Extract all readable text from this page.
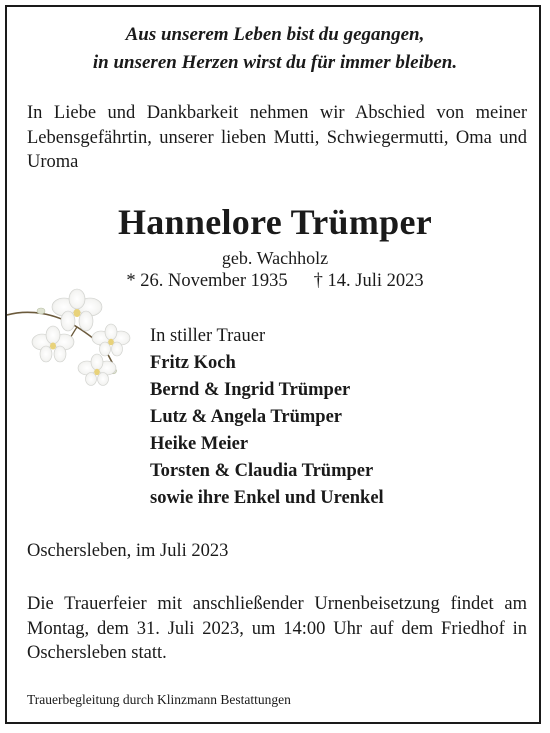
Aus unserem Leben bist du gegangen,
in unseren Herzen wirst du für immer bleiben.
In Liebe und Dankbarkeit nehmen wir Abschied von meiner Lebensgefährtin, unserer lieben Mutti, Schwiegermutti, Oma und Uroma
Hannelore Trümper
geb. Wachholz
* 26. November 1935 † 14. Juli 2023
In stiller Trauer
Fritz Koch
Bernd & Ingrid Trümper
Lutz & Angela Trümper
Heike Meier
Torsten & Claudia Trümper
sowie ihre Enkel und Urenkel
Oschersleben, im Juli 2023
Die Trauerfeier mit anschließender Urnenbeisetzung findet am Montag, dem 31. Juli 2023, um 14:00 Uhr auf dem Friedhof in Oschersleben statt.
Trauerbegleitung durch Klinzmann Bestattungen
